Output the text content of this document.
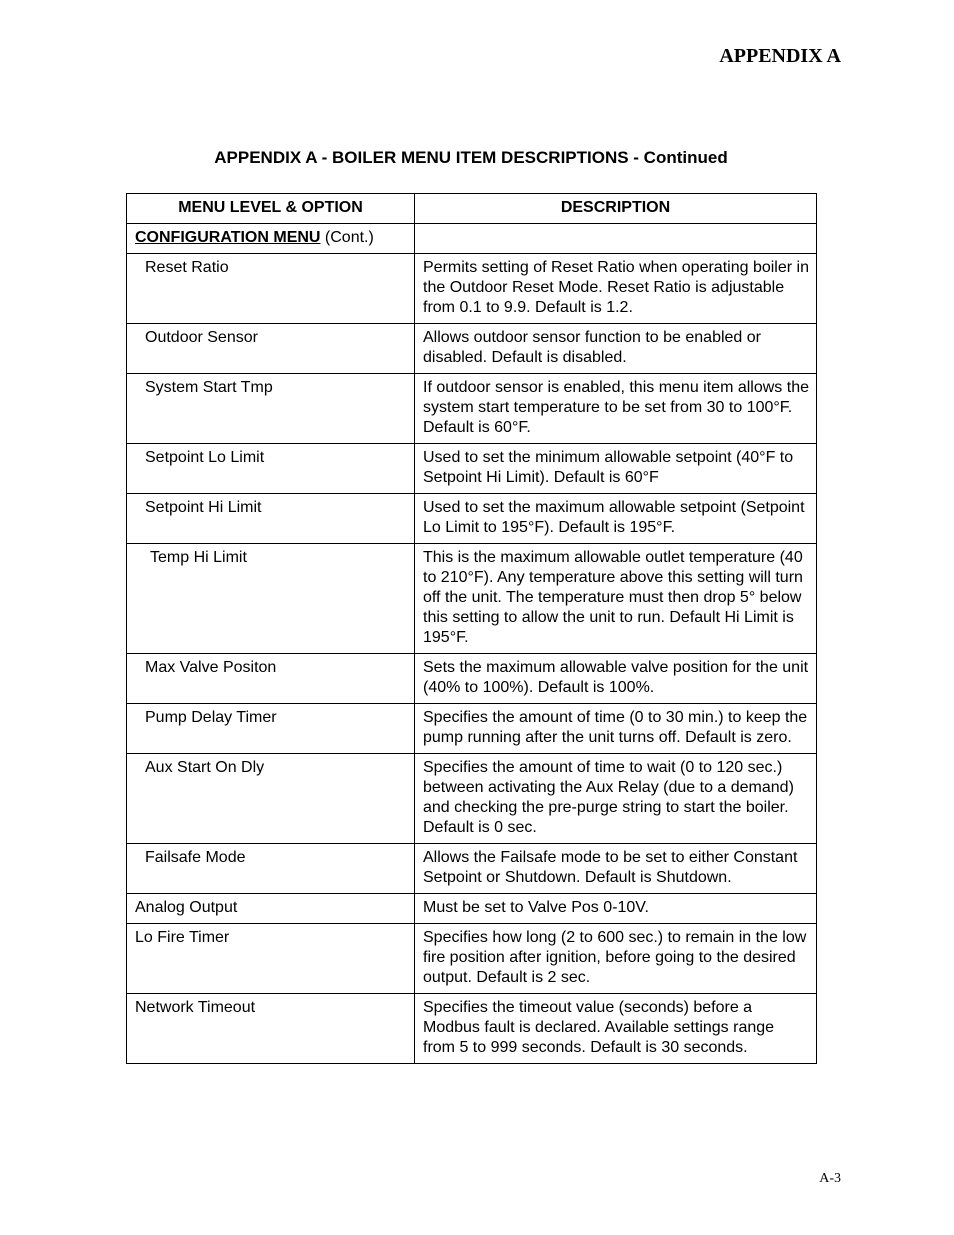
APPENDIX A
APPENDIX A - BOILER MENU ITEM DESCRIPTIONS - Continued
MENU LEVEL & OPTION	DESCRIPTION
CONFIGURATION MENU (Cont.)	
Reset Ratio	Permits setting of Reset Ratio when operating boiler in the Outdoor Reset Mode. Reset Ratio is adjustable from 0.1 to 9.9. Default is 1.2.
Outdoor Sensor	Allows outdoor sensor function to be enabled or disabled. Default is disabled.
System Start Tmp	If outdoor sensor is enabled, this menu item allows the system start temperature to be set from 30 to 100°F. Default is 60°F.
Setpoint Lo Limit	Used to set the minimum allowable setpoint (40°F to Setpoint Hi Limit). Default is 60°F
Setpoint Hi Limit	Used to set the maximum allowable setpoint (Setpoint Lo Limit to 195°F). Default is 195°F.
Temp Hi Limit	This is the maximum allowable outlet temperature (40 to 210°F). Any temperature above this setting will turn off the unit. The temperature must then drop 5° below this setting to allow the unit to run. Default Hi Limit is 195°F.
Max Valve Positon	Sets the maximum allowable valve position for the unit (40% to 100%). Default is 100%.
Pump Delay Timer	Specifies the amount of time (0 to 30 min.) to keep the pump running after the unit turns off. Default is zero.
Aux Start On Dly	Specifies the amount of time to wait (0 to 120 sec.) between activating the Aux Relay (due to a demand) and checking the pre-purge string to start the boiler. Default is 0 sec.
Failsafe Mode	Allows the Failsafe mode to be set to either Constant Setpoint or Shutdown. Default is Shutdown.
Analog Output	Must be set to Valve Pos 0-10V.
Lo Fire Timer	Specifies how long (2 to 600 sec.) to remain in the low fire position after ignition, before going to the desired output. Default is 2 sec.
Network Timeout	Specifies the timeout value (seconds) before a Modbus fault is declared. Available settings range from 5 to 999 seconds. Default is 30 seconds.
A-3
